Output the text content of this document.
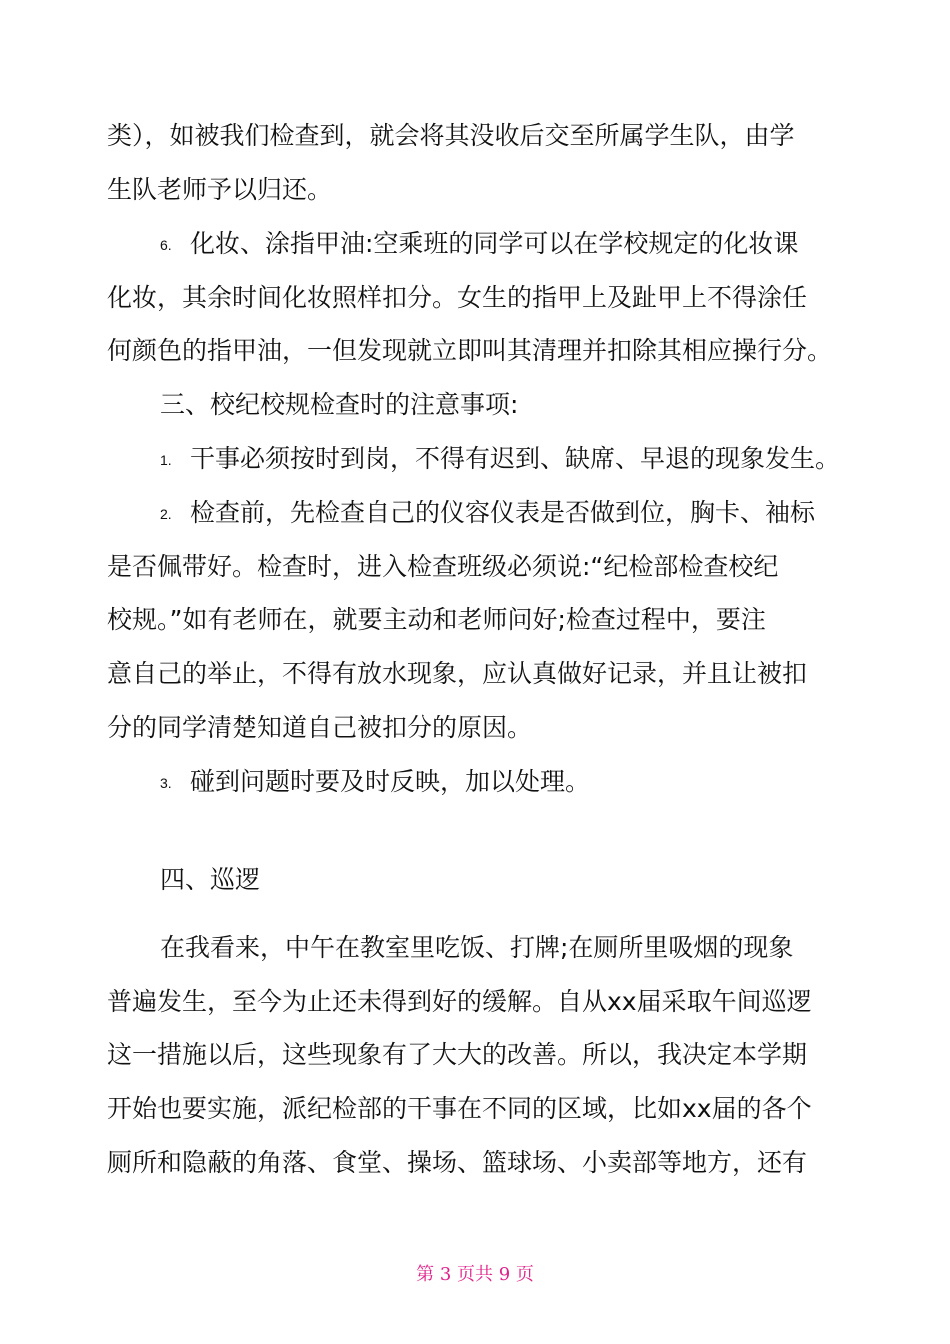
类），如被我们检查到，就会将其没收后交至所属学生队，由学
生队老师予以归还。
6. 化妆、涂指甲油:空乘班的同学可以在学校规定的化妆课
化妆，其余时间化妆照样扣分。女生的指甲上及趾甲上不得涂任
何颜色的指甲油，一但发现就立即叫其清理并扣除其相应操行分。
三、校纪校规检查时的注意事项:
1. 干事必须按时到岗，不得有迟到、缺席、早退的现象发生。
2. 检查前，先检查自己的仪容仪表是否做到位，胸卡、袖标
是否佩带好。检查时，进入检查班级必须说:“纪检部检查校纪
校规。”如有老师在，就要主动和老师问好;检查过程中，要注
意自己的举止，不得有放水现象，应认真做好记录，并且让被扣
分的同学清楚知道自己被扣分的原因。
3. 碰到问题时要及时反映，加以处理。
四、巡逻
在我看来，中午在教室里吃饭、打牌;在厕所里吸烟的现象
普遍发生，至今为止还未得到好的缓解。自从xx届采取午间巡逻
这一措施以后，这些现象有了大大的改善。所以，我决定本学期
开始也要实施，派纪检部的干事在不同的区域，比如xx届的各个
厕所和隐蔽的角落、食堂、操场、篮球场、小卖部等地方，还有
第 3 页共 9 页
